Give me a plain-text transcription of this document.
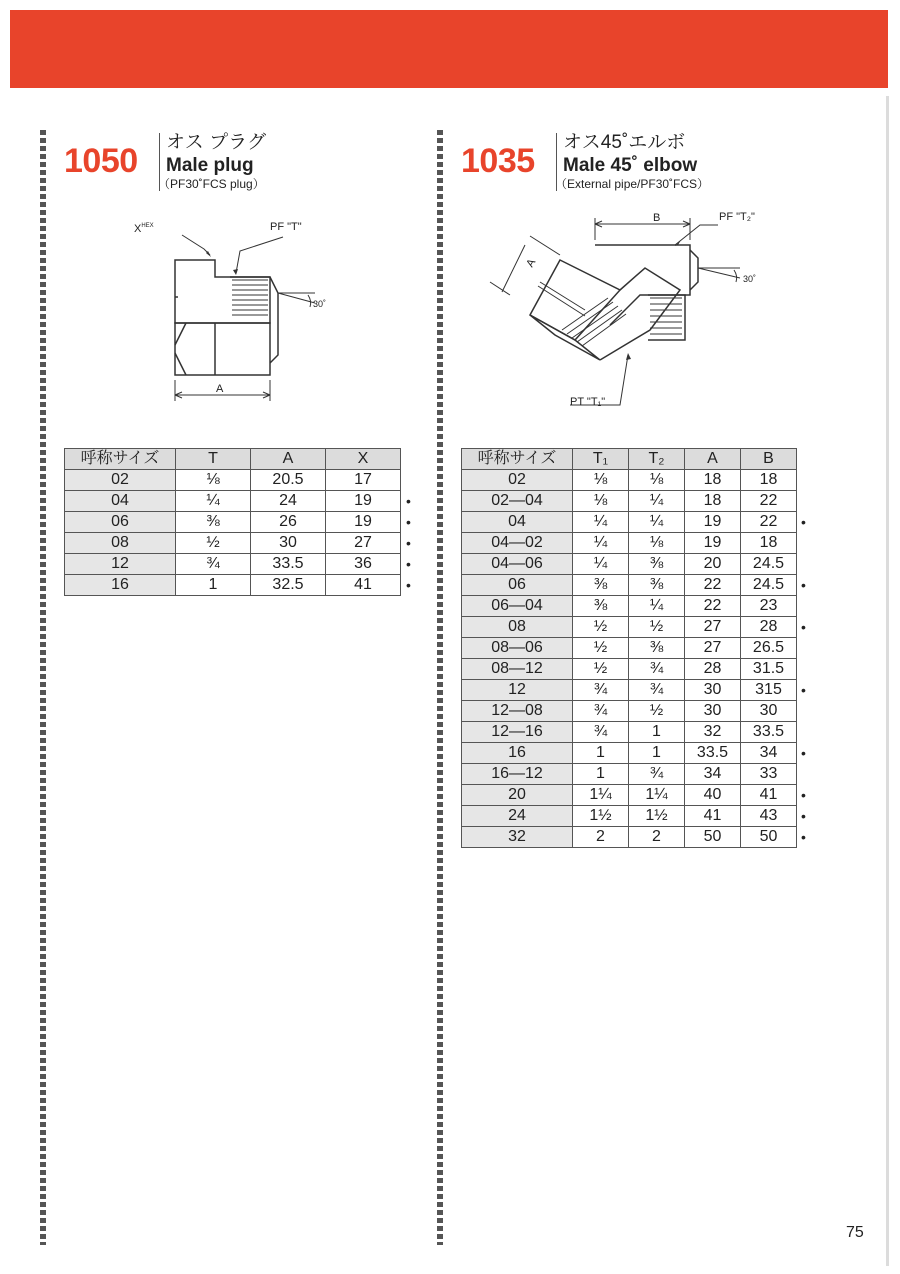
1050 オス プラグ
Male plug
（PF30˚FCS plug）
$X^{HEX}$	PF "T"
30˚
A
呼称サイズ	T	A	X
02	⅛	20.5	17
04	¼	24	19
06	⅜	26	19
08	½	30	27
12	¾	33.5	36
16	1	32.5	41
1035 オス45˚エルボ
Male 45˚ elbow
（External pipe/PF30˚FCS）
B
A
PF "T₂"
30˚
PT "T₁"
呼称サイズ	T₁	T₂	A	B
02	⅛	⅛	18	18
02—04	⅛	¼	18	22
04	¼	¼	19	22
04—02	¼	⅛	19	18
04—06	¼	⅜	20	24.5
06	⅜	⅜	22	24.5
06—04	⅜	¼	22	23
08	½	½	27	28
08—06	½	⅜	27	26.5
08—12	½	¾	28	31.5
12	¾	¾	30	315
12—08	¾	½	30	30
12—16	¾	1	32	33.5
16	1	1	33.5	34
16—12	1	¾	34	33
20	1¼	1¼	40	41
24	1½	1½	41	43
32	2	2	50	50
•
•
•
•
•
•
•
•
•
•
•
•
•
75
